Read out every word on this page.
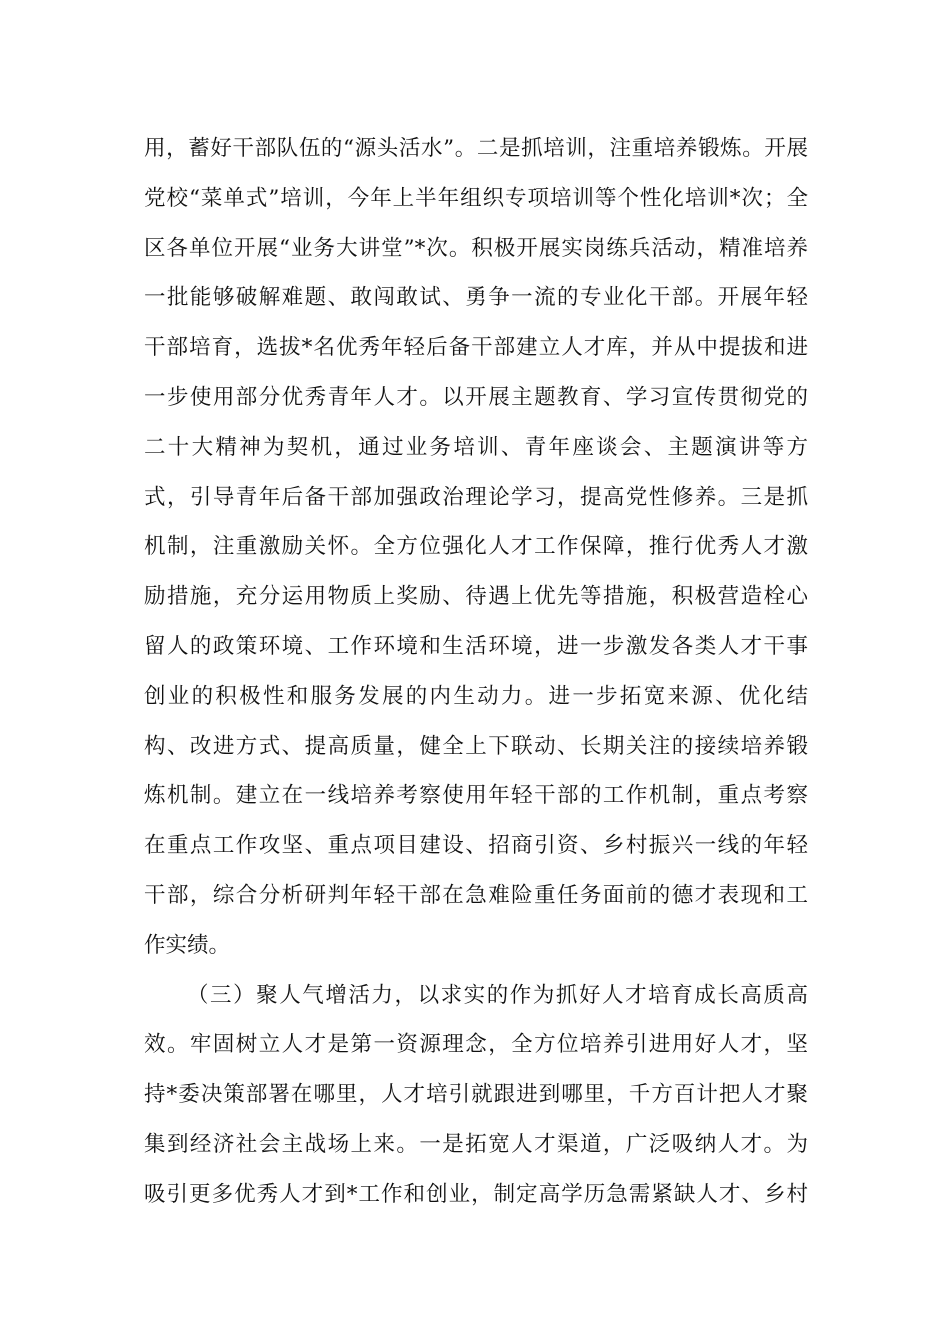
用，蓄好干部队伍的“源头活水”。二是抓培训，注重培养锻炼。开展
党校“菜单式”培训，今年上半年组织专项培训等个性化培训*次；全
区各单位开展“业务大讲堂”*次。积极开展实岗练兵活动，精准培养
一批能够破解难题、敢闯敢试、勇争一流的专业化干部。开展年轻
干部培育，选拔*名优秀年轻后备干部建立人才库，并从中提拔和进
一步使用部分优秀青年人才。以开展主题教育、学习宣传贯彻党的
二十大精神为契机，通过业务培训、青年座谈会、主题演讲等方
式，引导青年后备干部加强政治理论学习，提高党性修养。三是抓
机制，注重激励关怀。全方位强化人才工作保障，推行优秀人才激
励措施，充分运用物质上奖励、待遇上优先等措施，积极营造栓心
留人的政策环境、工作环境和生活环境，进一步激发各类人才干事
创业的积极性和服务发展的内生动力。进一步拓宽来源、优化结
构、改进方式、提高质量，健全上下联动、长期关注的接续培养锻
炼机制。建立在一线培养考察使用年轻干部的工作机制，重点考察
在重点工作攻坚、重点项目建设、招商引资、乡村振兴一线的年轻
干部，综合分析研判年轻干部在急难险重任务面前的德才表现和工
作实绩。
（三）聚人气增活力，以求实的作为抓好人才培育成长高质高
效。牢固树立人才是第一资源理念，全方位培养引进用好人才，坚
持*委决策部署在哪里，人才培引就跟进到哪里，千方百计把人才聚
集到经济社会主战场上来。一是拓宽人才渠道，广泛吸纳人才。为
吸引更多优秀人才到*工作和创业，制定高学历急需紧缺人才、乡村
